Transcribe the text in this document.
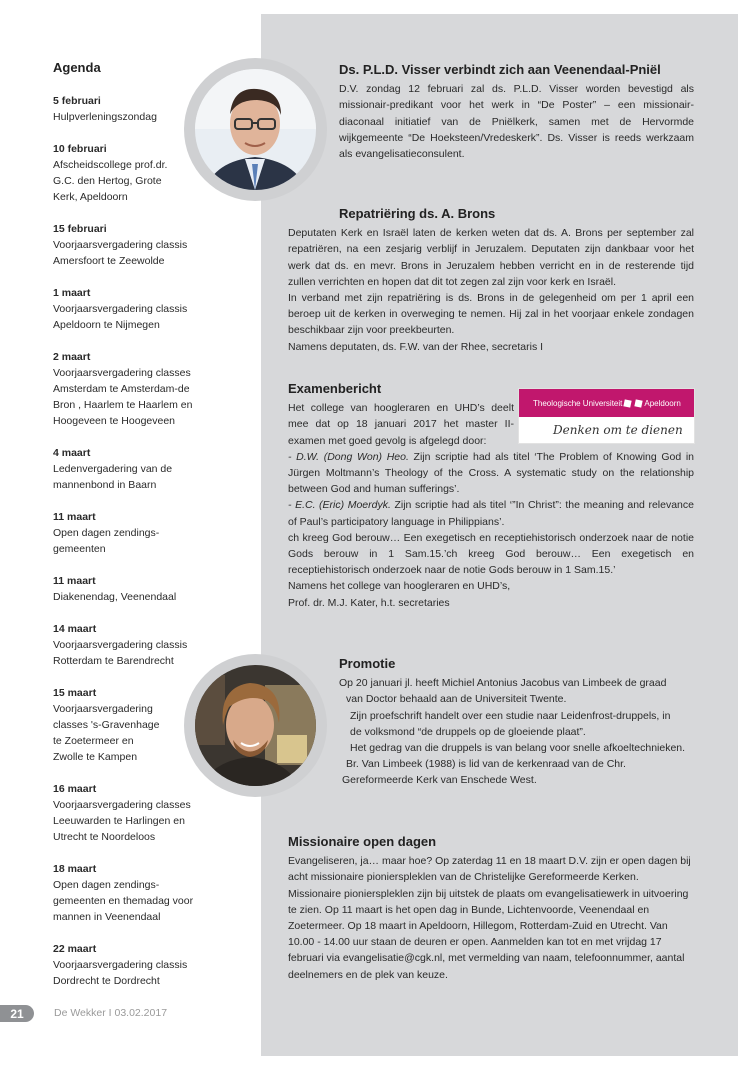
Agenda
5 februari
Hulpverleningszondag
10 februari
Afscheidscollege prof.dr.
G.C. den Hertog, Grote
Kerk, Apeldoorn
15 februari
Voorjaarsvergadering classis
Amersfoort te Zeewolde
1 maart
Voorjaarsvergadering classis
Apeldoorn te Nijmegen
2 maart
Voorjaarsvergadering classes
Amsterdam te Amsterdam-de
Bron , Haarlem te Haarlem en
Hoogeveen te Hoogeveen
4 maart
Ledenvergadering van de
mannenbond in Baarn
11 maart
Open dagen zendings-
gemeenten
11 maart
Diakenendag, Veenendaal
14 maart
Voorjaarsvergadering classis
Rotterdam te Barendrecht
15 maart
Voorjaarsvergadering
classes 's-Gravenhage
te Zoetermeer en
Zwolle te Kampen
16 maart
Voorjaarsvergadering classes
Leeuwarden te Harlingen en
Utrecht te Noordeloos
18 maart
Open dagen zendings-
gemeenten en themadag voor
mannen in Veenendaal
22 maart
Voorjaarsvergadering classis
Dordrecht te Dordrecht
Ds. P.L.D. Visser verbindt zich aan Veenendaal-Pniël

D.V. zondag 12 februari zal ds. P.L.D. Visser worden bevestigd als missionair-predikant voor het werk in “De Poster” – een missionair-diaconaal initiatief van de Pniëlkerk, samen met de Hervormde wijkgemeente “De Hoeksteen/Vredeskerk”. Ds. Visser is reeds werkzaam als evangelisatieconsulent.

Repatriëring ds. A. Brons

Deputaten Kerk en Israël laten de kerken weten dat ds. A. Brons per september zal repatriëren, na een zesjarig verblijf in Jeruzalem. Deputaten zijn dankbaar voor het werk dat ds. en mevr. Brons in Jeruzalem hebben verricht en in de resterende tijd zullen verrichten en hopen dat dit tot zegen zal zijn voor kerk en Israël.

In verband met zijn repatriëring is ds. Brons in de gelegenheid om per 1 april een beroep uit de kerken in overweging te nemen. Hij zal in het voorjaar enkele zondagen beschikbaar zijn voor preekbeurten.

Namens deputaten, ds. F.W. van der Rhee, secretaris I

Theologische Universiteit	Apeldoorn
Denken om te dienen
Examenbericht

Het college van hoogleraren en UHD’s deelt mee dat op 18 januari 2017 het master II-examen met goed gevolg is afgelegd door:

- D.W. (Dong Won) Heo. Zijn scriptie had als titel ‘The Problem of Knowing God in Jürgen Moltmann’s Theology of the Cross. A systematic study on the relationship between God and human sufferings’.

- E.C. (Eric) Moerdyk. Zijn scriptie had als titel ‘”In Christ”: the meaning and relevance of Paul’s participatory language in Philippians’.

ch kreeg God berouw… Een exegetisch en receptiehistorisch onderzoek naar de notie Gods berouw in 1 Sam.15.’ch kreeg God berouw… Een exegetisch en receptiehistorisch onderzoek naar de notie Gods berouw in 1 Sam.15.’

Namens het college van hoogleraren en UHD’s,

Prof. dr. M.J. Kater, h.t. secretaries

Promotie

Op 20 januari jl. heeft Michiel Antonius Jacobus van Limbeek de graad

van Doctor behaald aan de Universiteit Twente.

Zijn proefschrift handelt over een studie naar Leidenfrost-druppels, in

de volksmond “de druppels op de gloeiende plaat”.

Het gedrag van die druppels is van belang voor snelle afkoeltechnieken.

Br. Van Limbeek (1988) is lid van de kerkenraad van de Chr.

Gereformeerde Kerk van Enschede West.

Missionaire open dagen

Evangeliseren, ja… maar hoe? Op zaterdag 11 en 18 maart D.V. zijn er open dagen bij acht missionaire pionierspleklen van de Christelijke Gereformeerde Kerken. Missionaire pionierspleklen zijn bij uitstek de plaats om evangelisatiewerk in uitvoering te zien. Op 11 maart is het open dag in Bunde, Lichtenvoorde, Veenendaal en Zoetermeer. Op 18 maart in Apeldoorn, Hillegom, Rotterdam-Zuid en Utrecht. Van 10.00 - 14.00 uur staan de deuren er open. Aanmelden kan tot en met vrijdag 17 februari via evangelisatie@cgk.nl, met vermelding van naam, telefoonnummer, aantal deelnemers en de plek van keuze.

21	De Wekker I 03.02.2017
